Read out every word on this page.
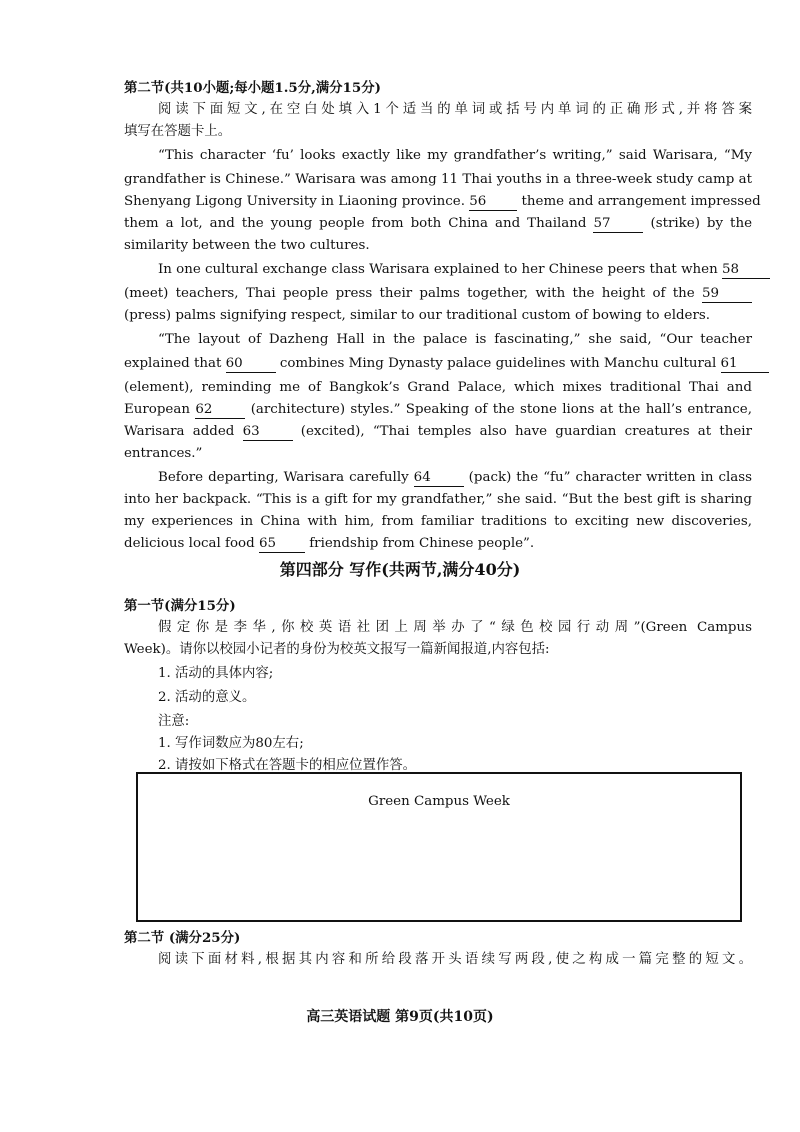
第二节(共10小题;每小题1.5分,满分15分)
阅读下面短文,在空白处填入1个适当的单词或括号内单词的正确形式,并将答案
填写在答题卡上。
“This character ‘fu’ looks exactly like my grandfather’s writing,” said Warisara, “My
grandfather is Chinese.” Warisara was among 11 Thai youths in a three-week study camp at
Shenyang Ligong University in Liaoning province. 56	theme and arrangement impressed
them a lot, and the young people from both China and Thailand 57	(strike) by the
similarity between the two cultures.
In one cultural exchange class Warisara explained to her Chinese peers that when 58
(meet) teachers, Thai people press their palms together, with the height of the 59
(press) palms signifying respect, similar to our traditional custom of bowing to elders.
“The layout of Dazheng Hall in the palace is fascinating,” she said, “Our teacher
explained that 60	combines Ming Dynasty palace guidelines with Manchu cultural 61
(element), reminding me of Bangkok’s Grand Palace, which mixes traditional Thai and
European 62	(architecture) styles.” Speaking of the stone lions at the hall’s entrance,
Warisara added 63	(excited), “Thai temples also have guardian creatures at their
entrances.”
Before departing, Warisara carefully 64	(pack) the “fu” character written in class
into her backpack. “This is a gift for my grandfather,” she said. “But the best gift is sharing
my experiences in China with him, from familiar traditions to exciting new discoveries,
delicious local food 65 friendship from Chinese people”.
第四部分 写作(共两节,满分40分)
第一节(满分15分)
假定你是李华,你校英语社团上周举办了“绿色校园行动周”(Green Campus
Week)。请你以校园小记者的身份为校英文报写一篇新闻报道,内容包括:
1. 活动的具体内容;
2. 活动的意义。
注意:
1. 写作词数应为80左右;
2. 请按如下格式在答题卡的相应位置作答。
Green Campus Week
第二节 (满分25分)
阅读下面材料,根据其内容和所给段落开头语续写两段,使之构成一篇完整的短文。
高三英语试题 第9页(共10页)
